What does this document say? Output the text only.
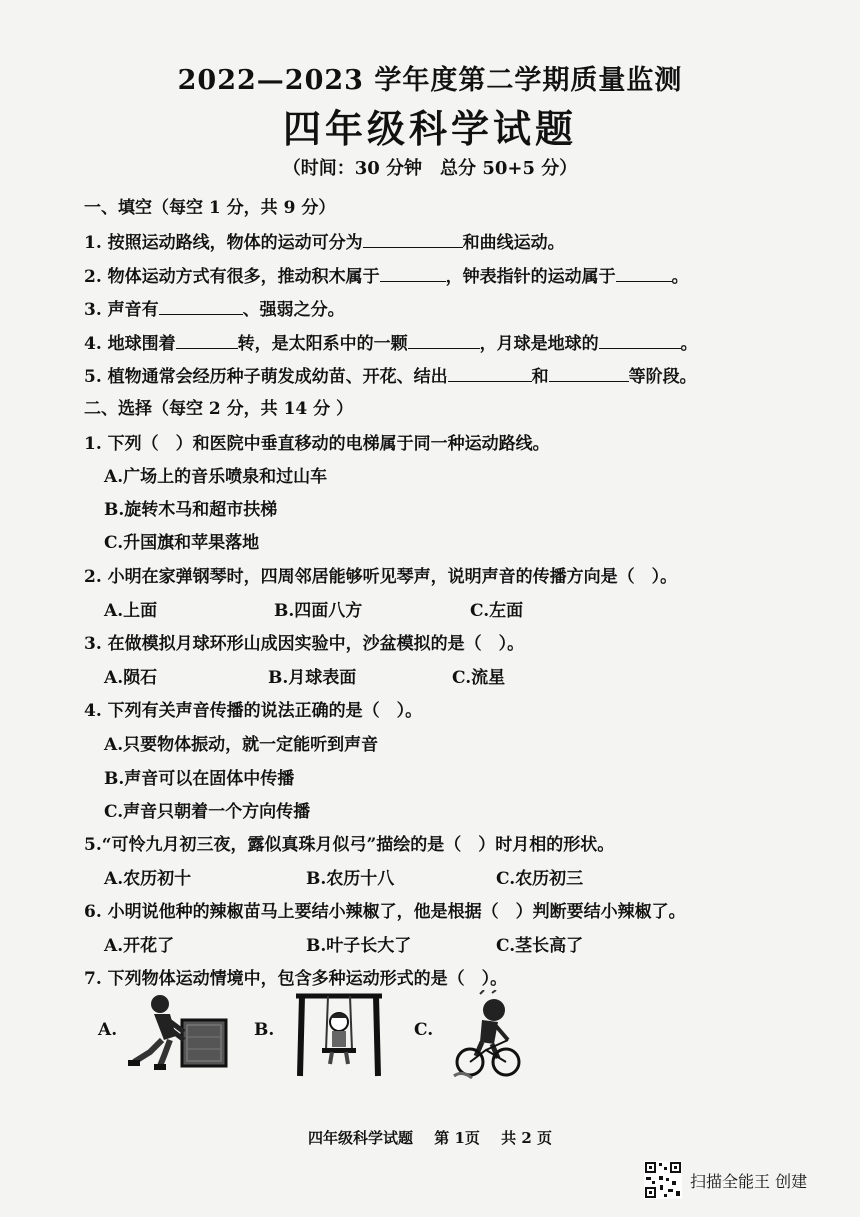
2022—2023 学年度第二学期质量监测
四年级科学试题
（时间：30 分钟　总分 50+5 分）
一、填空（每空 1 分，共 9 分）
1. 按照运动路线，物体的运动可分为	和曲线运动。
2. 物体运动方式有很多，推动积木属于	，钟表指针的运动属于	。
3. 声音有	、强弱之分。
4. 地球围着	转，是太阳系中的一颗	，月球是地球的	。
5. 植物通常会经历种子萌发成幼苗、开花、结出	和	等阶段。
二、选择（每空 2 分，共 14 分 ）
1. 下列（　）和医院中垂直移动的电梯属于同一种运动路线。
A.广场上的音乐喷泉和过山车
B.旋转木马和超市扶梯
C.升国旗和苹果落地
2. 小明在家弹钢琴时，四周邻居能够听见琴声，说明声音的传播方向是（　）。
A.上面	B.四面八方	C.左面
3. 在做模拟月球环形山成因实验中，沙盆模拟的是（　）。
A.陨石	B.月球表面	C.流星
4. 下列有关声音传播的说法正确的是（　）。
A.只要物体振动，就一定能听到声音
B.声音可以在固体中传播
C.声音只朝着一个方向传播
5.“可怜九月初三夜，露似真珠月似弓”描绘的是（　）时月相的形状。
A.农历初十	B.农历十八	C.农历初三
6. 小明说他种的辣椒苗马上要结小辣椒了，他是根据（　）判断要结小辣椒了。
A.开花了	B.叶子长大了	C.茎长高了
7. 下列物体运动情境中，包含多种运动形式的是（　）。
A.	B.	C.
四年级科学试题 第 1页 共 2 页
扫描全能王 创建
